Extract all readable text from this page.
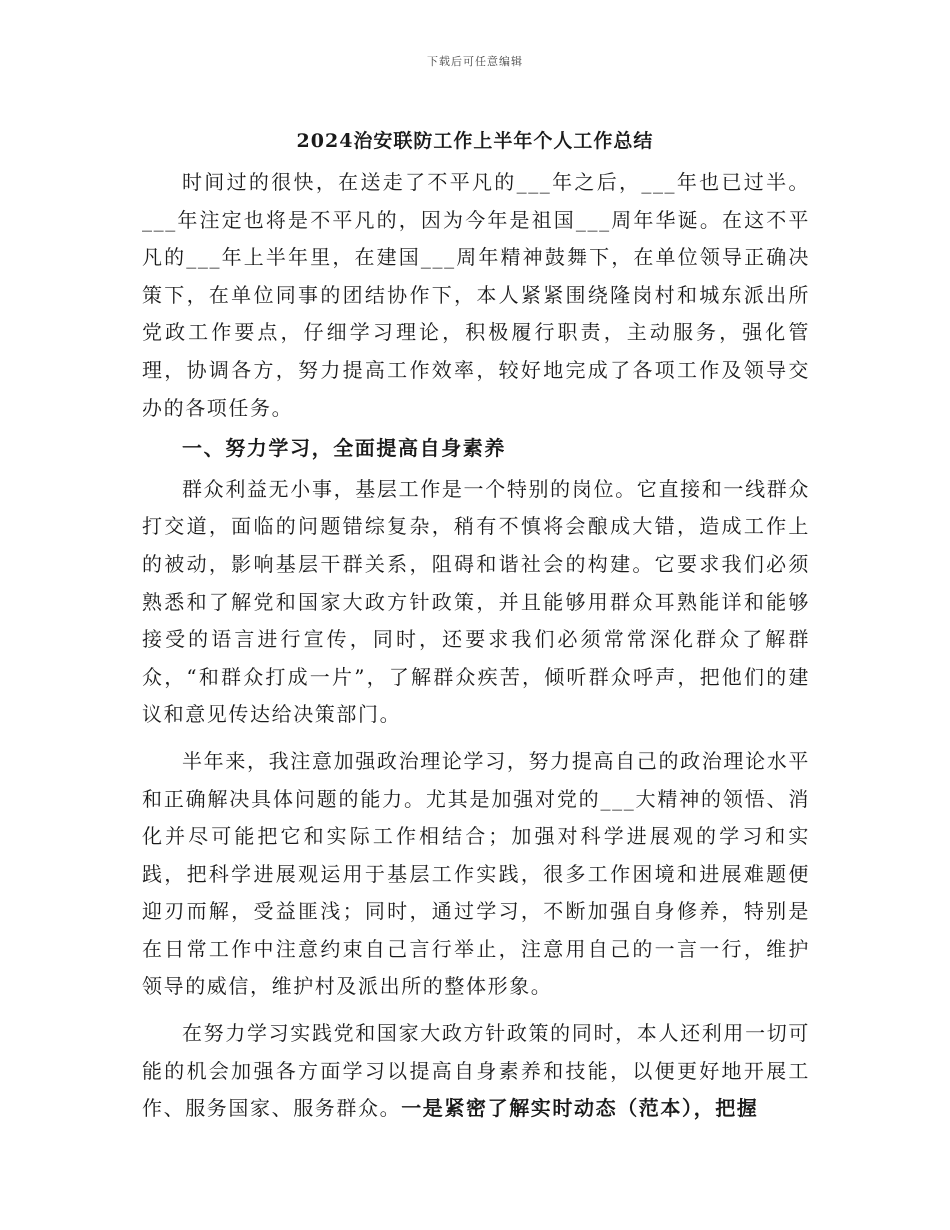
下载后可任意编辑
2024治安联防工作上半年个人工作总结

时间过的很快，在送走了不平凡的___年之后，___年也已过半。___年注定也将是不平凡的，因为今年是祖国___周年华诞。在这不平凡的___年上半年里，在建国___周年精神鼓舞下，在单位领导正确决策下，在单位同事的团结协作下，本人紧紧围绕隆岗村和城东派出所党政工作要点，仔细学习理论，积极履行职责，主动服务，强化管理，协调各方，努力提高工作效率，较好地完成了各项工作及领导交办的各项任务。

一、努力学习，全面提高自身素养

群众利益无小事，基层工作是一个特别的岗位。它直接和一线群众打交道，面临的问题错综复杂，稍有不慎将会酿成大错，造成工作上的被动，影响基层干群关系，阻碍和谐社会的构建。它要求我们必须熟悉和了解党和国家大政方针政策，并且能够用群众耳熟能详和能够接受的语言进行宣传，同时，还要求我们必须常常深化群众了解群众，“和群众打成一片”，了解群众疾苦，倾听群众呼声，把他们的建议和意见传达给决策部门。

半年来，我注意加强政治理论学习，努力提高自己的政治理论水平和正确解决具体问题的能力。尤其是加强对党的___大精神的领悟、消化并尽可能把它和实际工作相结合；加强对科学进展观的学习和实践，把科学进展观运用于基层工作实践，很多工作困境和进展难题便迎刃而解，受益匪浅；同时，通过学习，不断加强自身修养，特别是在日常工作中注意约束自己言行举止，注意用自己的一言一行，维护领导的威信，维护村及派出所的整体形象。

在努力学习实践党和国家大政方针政策的同时，本人还利用一切可能的机会加强各方面学习以提高自身素养和技能，以便更好地开展工作、服务国家、服务群众。一是紧密了解实时动态（范本），把握
